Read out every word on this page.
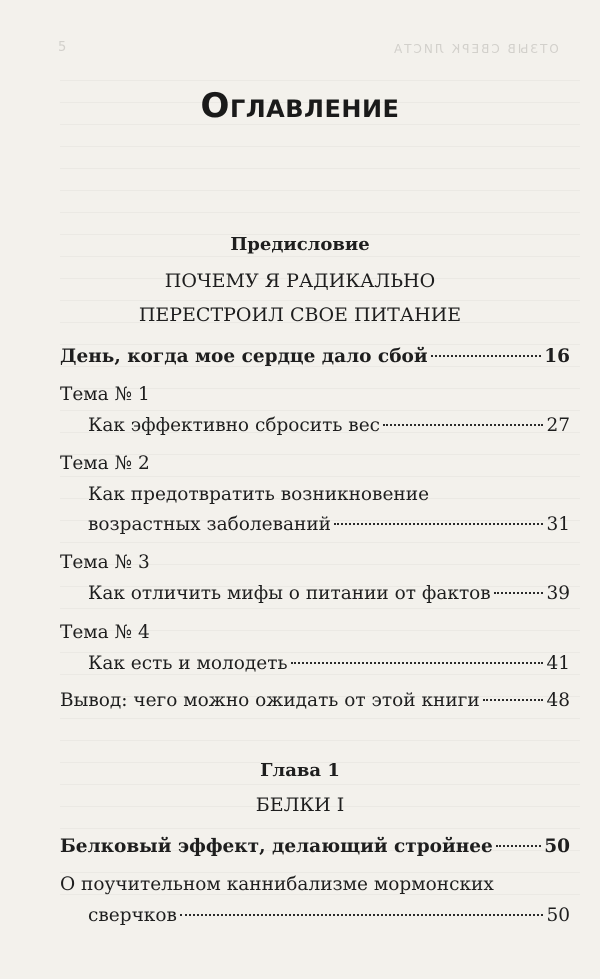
ОТЗЫВ СВЕРК ЛИСТА
5
Оглавление
Предисловие
ПОЧЕМУ Я РАДИКАЛЬНО
ПЕРЕСТРОИЛ СВОЕ ПИТАНИЕ
День, когда мое сердце дало сбой	16
Тема № 1
Как эффективно сбросить вес	27
Тема № 2
Как предотвратить возникновение
возрастных заболеваний	31
Тема № 3
Как отличить мифы о питании от фактов	39
Тема № 4
Как есть и молодеть	41
Вывод: чего можно ожидать от этой книги	48
Глава 1
БЕЛКИ I
Белковый эффект, делающий стройнее	50
О поучительном каннибализме мормонских
сверчков	50
